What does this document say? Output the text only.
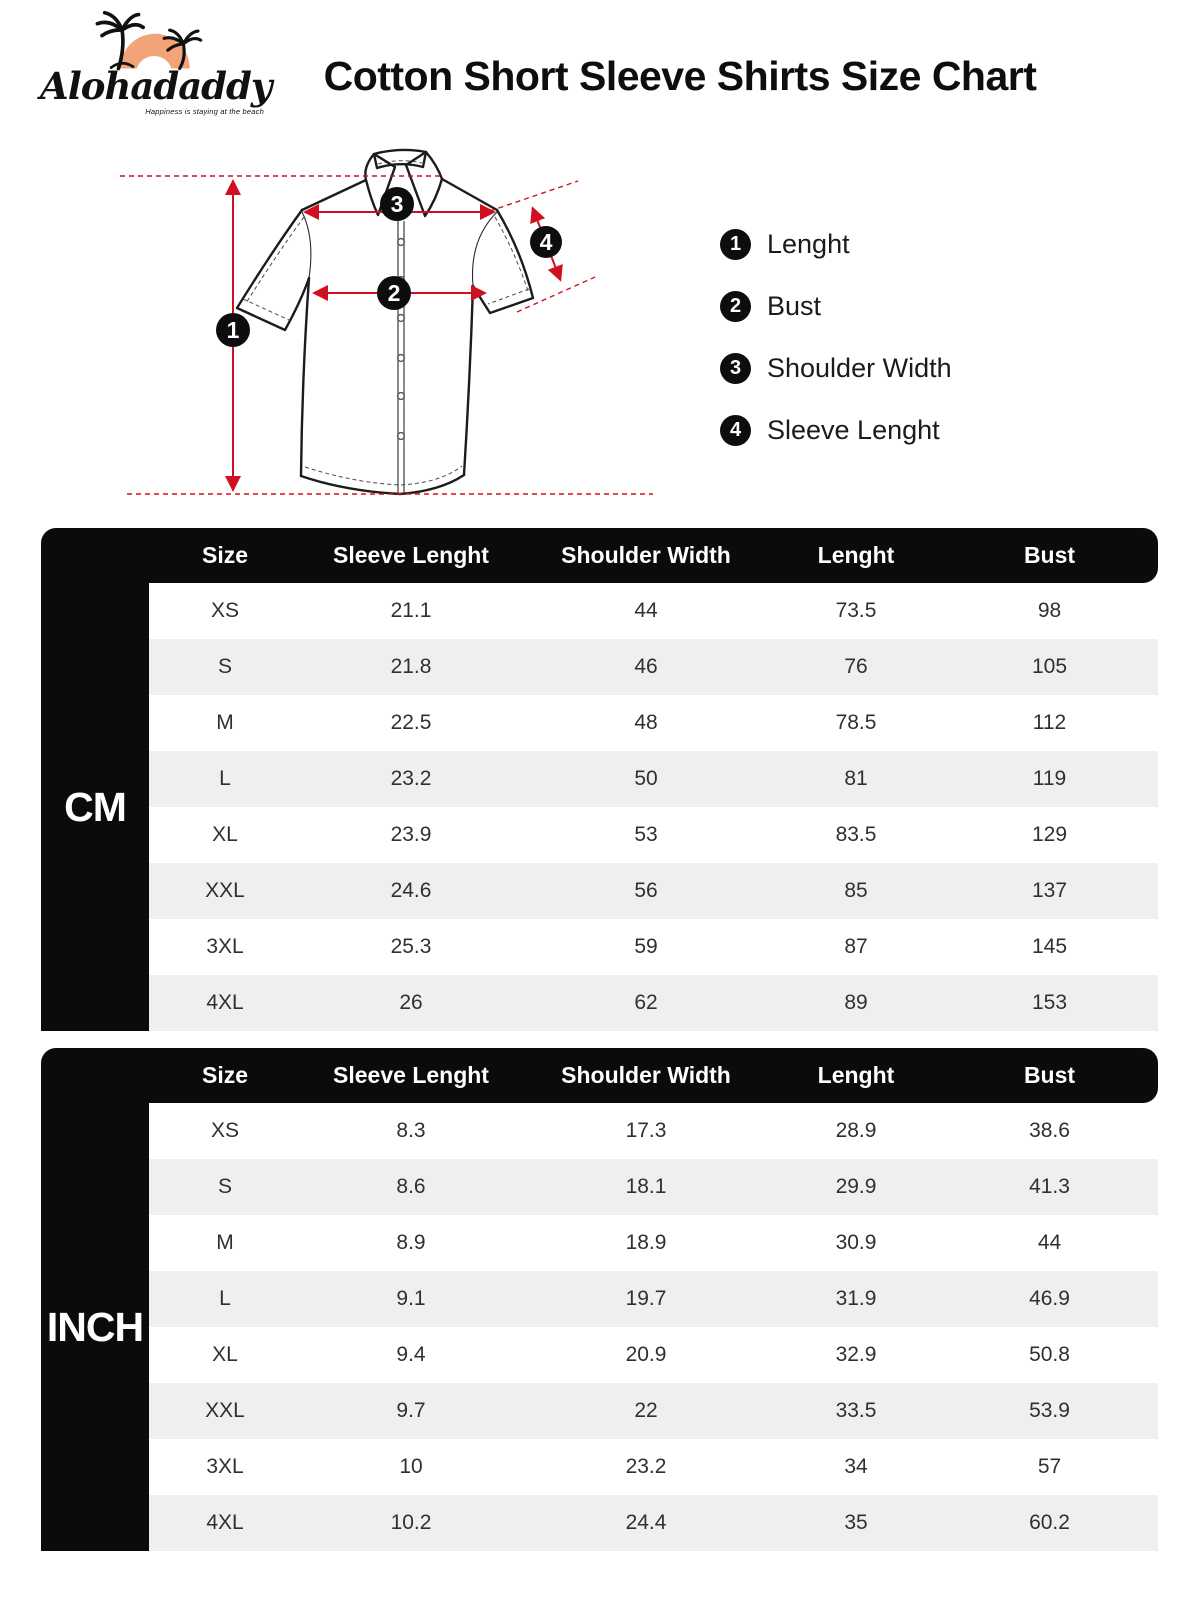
Alohadaddy
Happiness is staying at the beach
Cotton Short Sleeve Shirts Size Chart
1
2
3
4	1 Lenght
2 Bust
3 Shoulder Width
4 Sleeve Lenght
Size	Sleeve Lenght	Shoulder Width	Lenght	Bust
CM
XS	21.1	44	73.5	98
S	21.8	46	76	105
M	22.5	48	78.5	112
L	23.2	50	81	119
XL	23.9	53	83.5	129
XXL	24.6	56	85	137
3XL	25.3	59	87	145
4XL	26	62	89	153
Size	Sleeve Lenght	Shoulder Width	Lenght	Bust
INCH
XS	8.3	17.3	28.9	38.6
S	8.6	18.1	29.9	41.3
M	8.9	18.9	30.9	44
L	9.1	19.7	31.9	46.9
XL	9.4	20.9	32.9	50.8
XXL	9.7	22	33.5	53.9
3XL	10	23.2	34	57
4XL	10.2	24.4	35	60.2
